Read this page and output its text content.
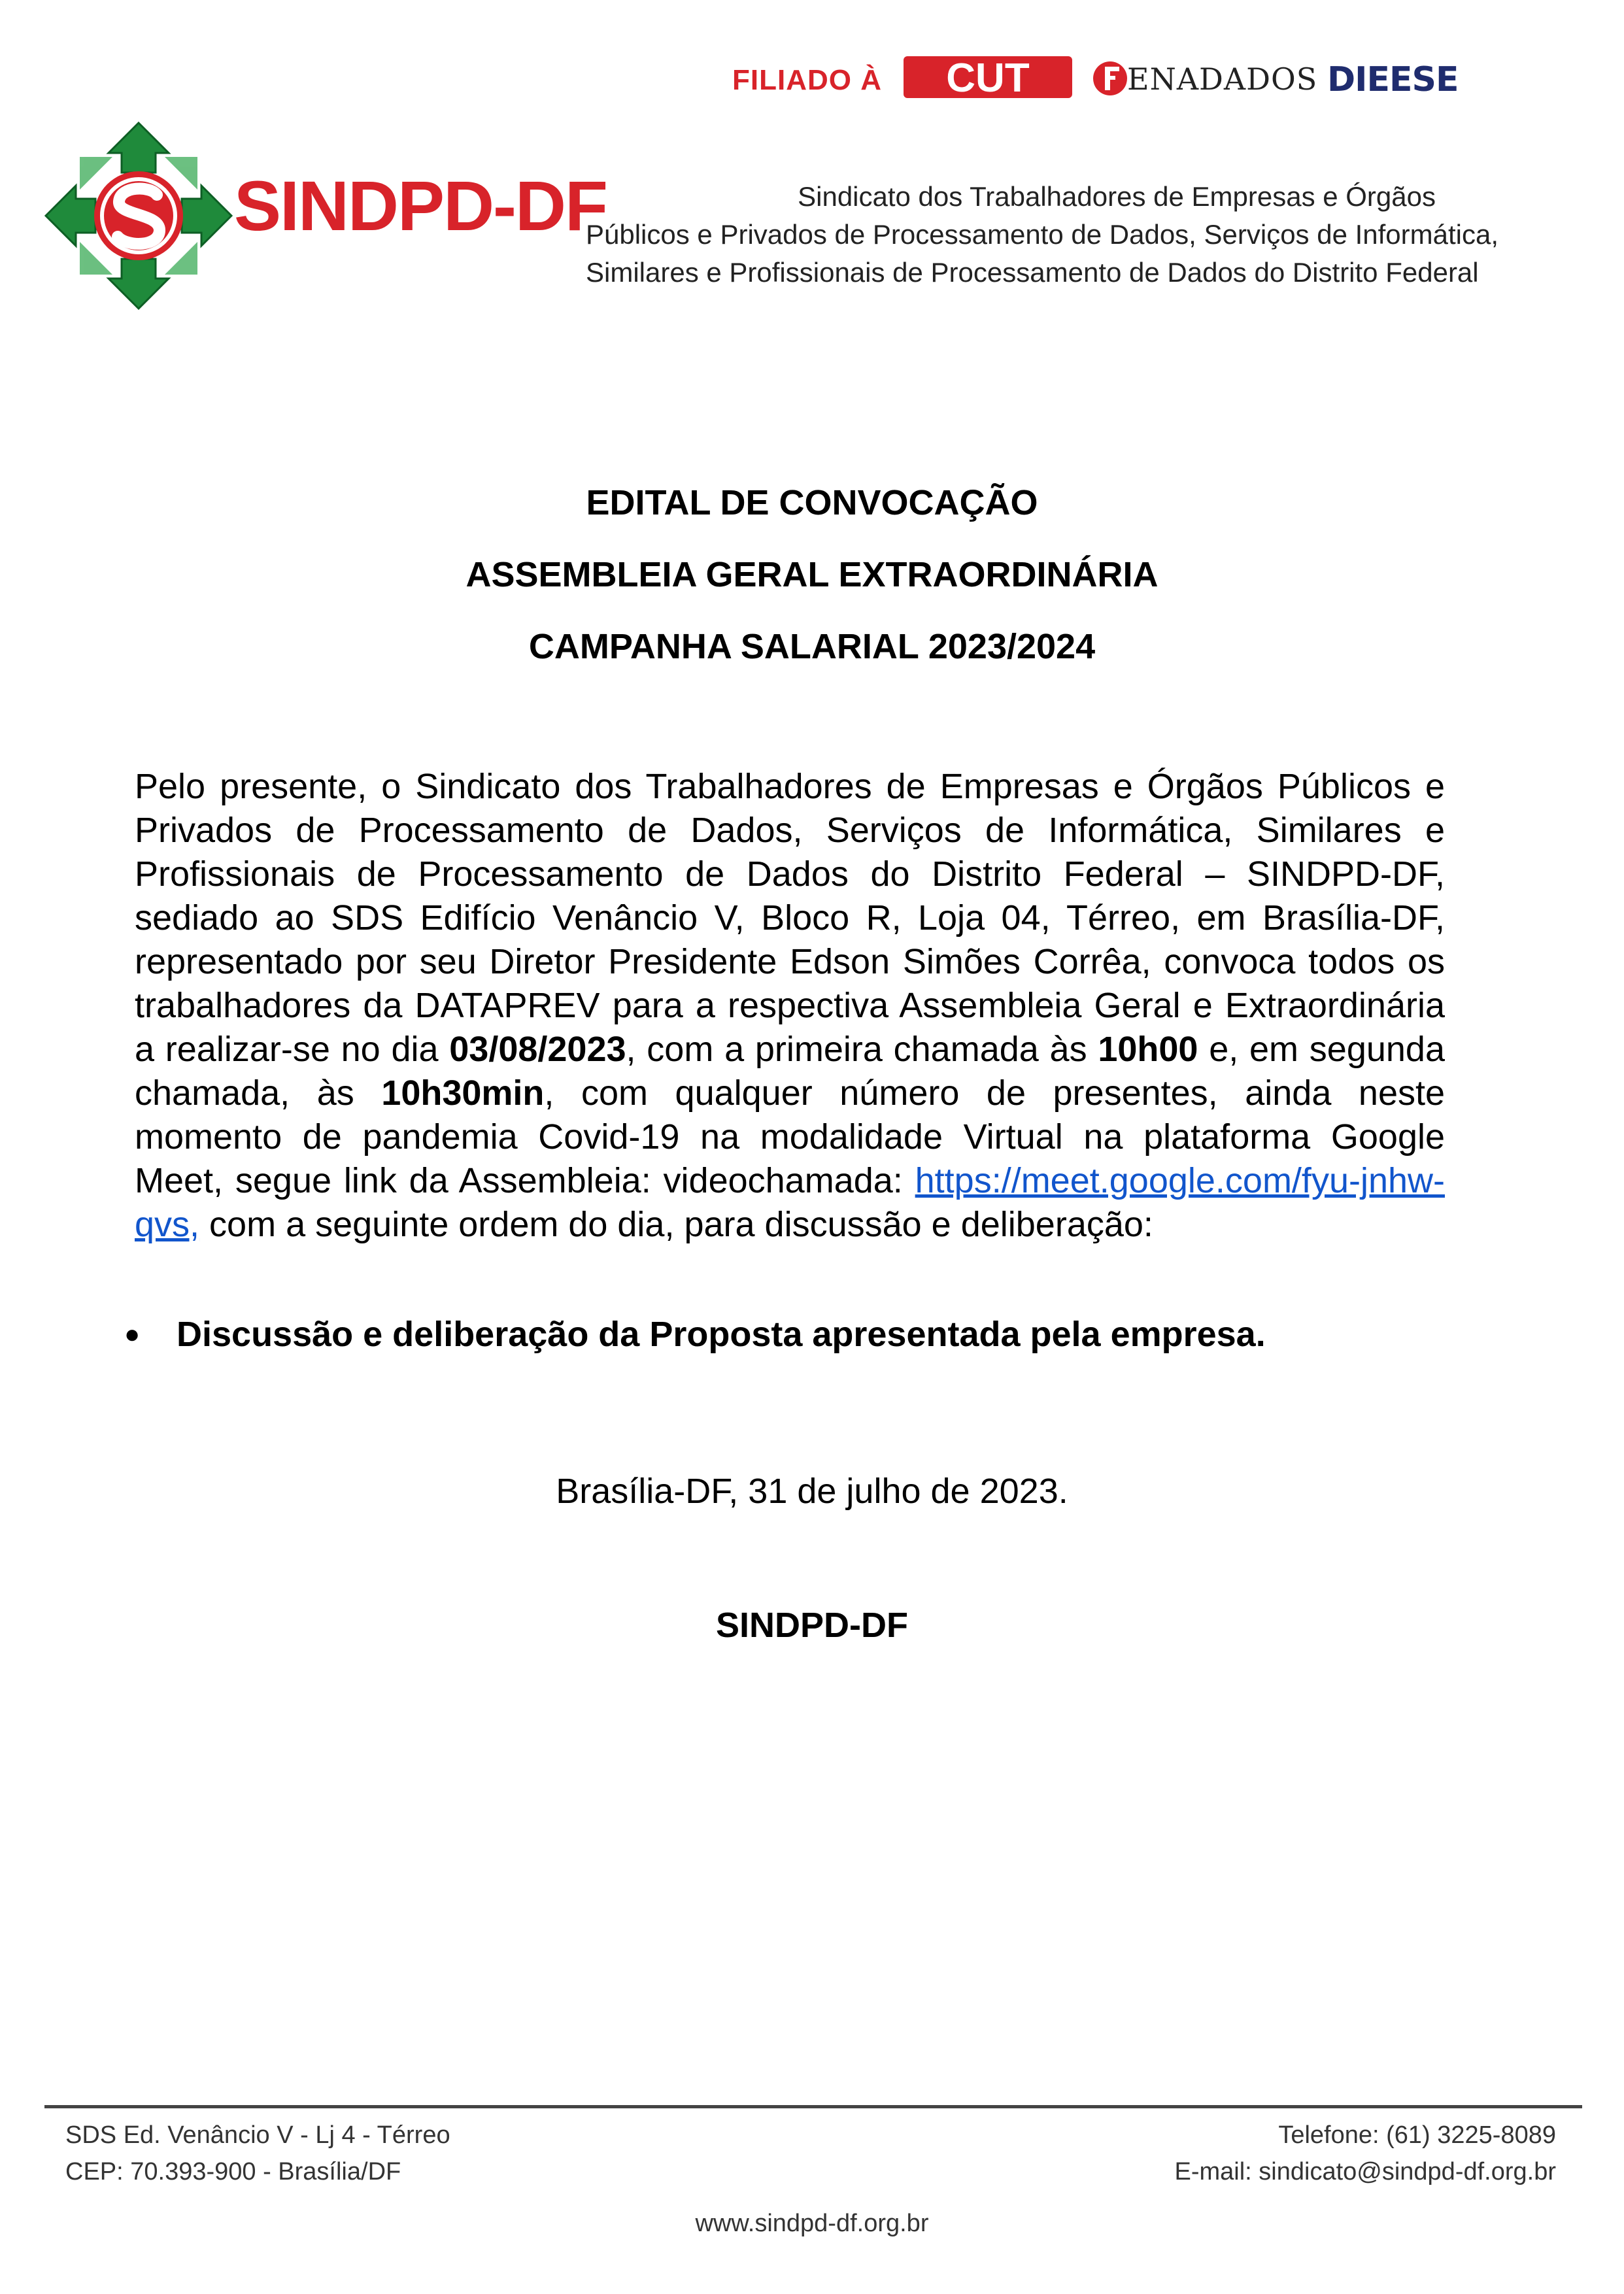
FILIADO À CUT	ENADADOS DIEESE
SINDPD-DF	Sindicato dos Trabalhadores de Empresas e Órgãos
Públicos e Privados de Processamento de Dados, Serviços de Informática,
Similares e Profissionais de Processamento de Dados do Distrito Federal
EDITAL DE CONVOCAÇÃO
ASSEMBLEIA GERAL EXTRAORDINÁRIA
CAMPANHA SALARIAL 2023/2024
Pelo presente, o Sindicato dos Trabalhadores de Empresas e Órgãos Públicos e Privados de Processamento de Dados, Serviços de Informática, Similares e Profissionais de Processamento de Dados do Distrito Federal – SINDPD-DF, sediado ao SDS Edifício Venâncio V, Bloco R, Loja 04, Térreo, em Brasília-DF, representado por seu Diretor Presidente Edson Simões Corrêa, convoca todos os trabalhadores da DATAPREV para a respectiva Assembleia Geral e Extraordinária a realizar-se no dia 03/08/2023, com a primeira chamada às 10h00 e, em segunda chamada, às 10h30min, com qualquer número de presentes, ainda neste momento de pandemia Covid-19 na modalidade Virtual na plataforma Google Meet, segue link da Assembleia: videochamada: https://meet.google.com/fyu-jnhw-qvs, com a seguinte ordem do dia, para discussão e deliberação:
●	Discussão e deliberação da Proposta apresentada pela empresa.
Brasília-DF, 31 de julho de 2023.
SINDPD-DF
SDS Ed. Venâncio V - Lj 4 - Térreo
CEP: 70.393-900 - Brasília/DF
Telefone: (61) 3225-8089
E-mail: sindicato@sindpd-df.org.br
www.sindpd-df.org.br
